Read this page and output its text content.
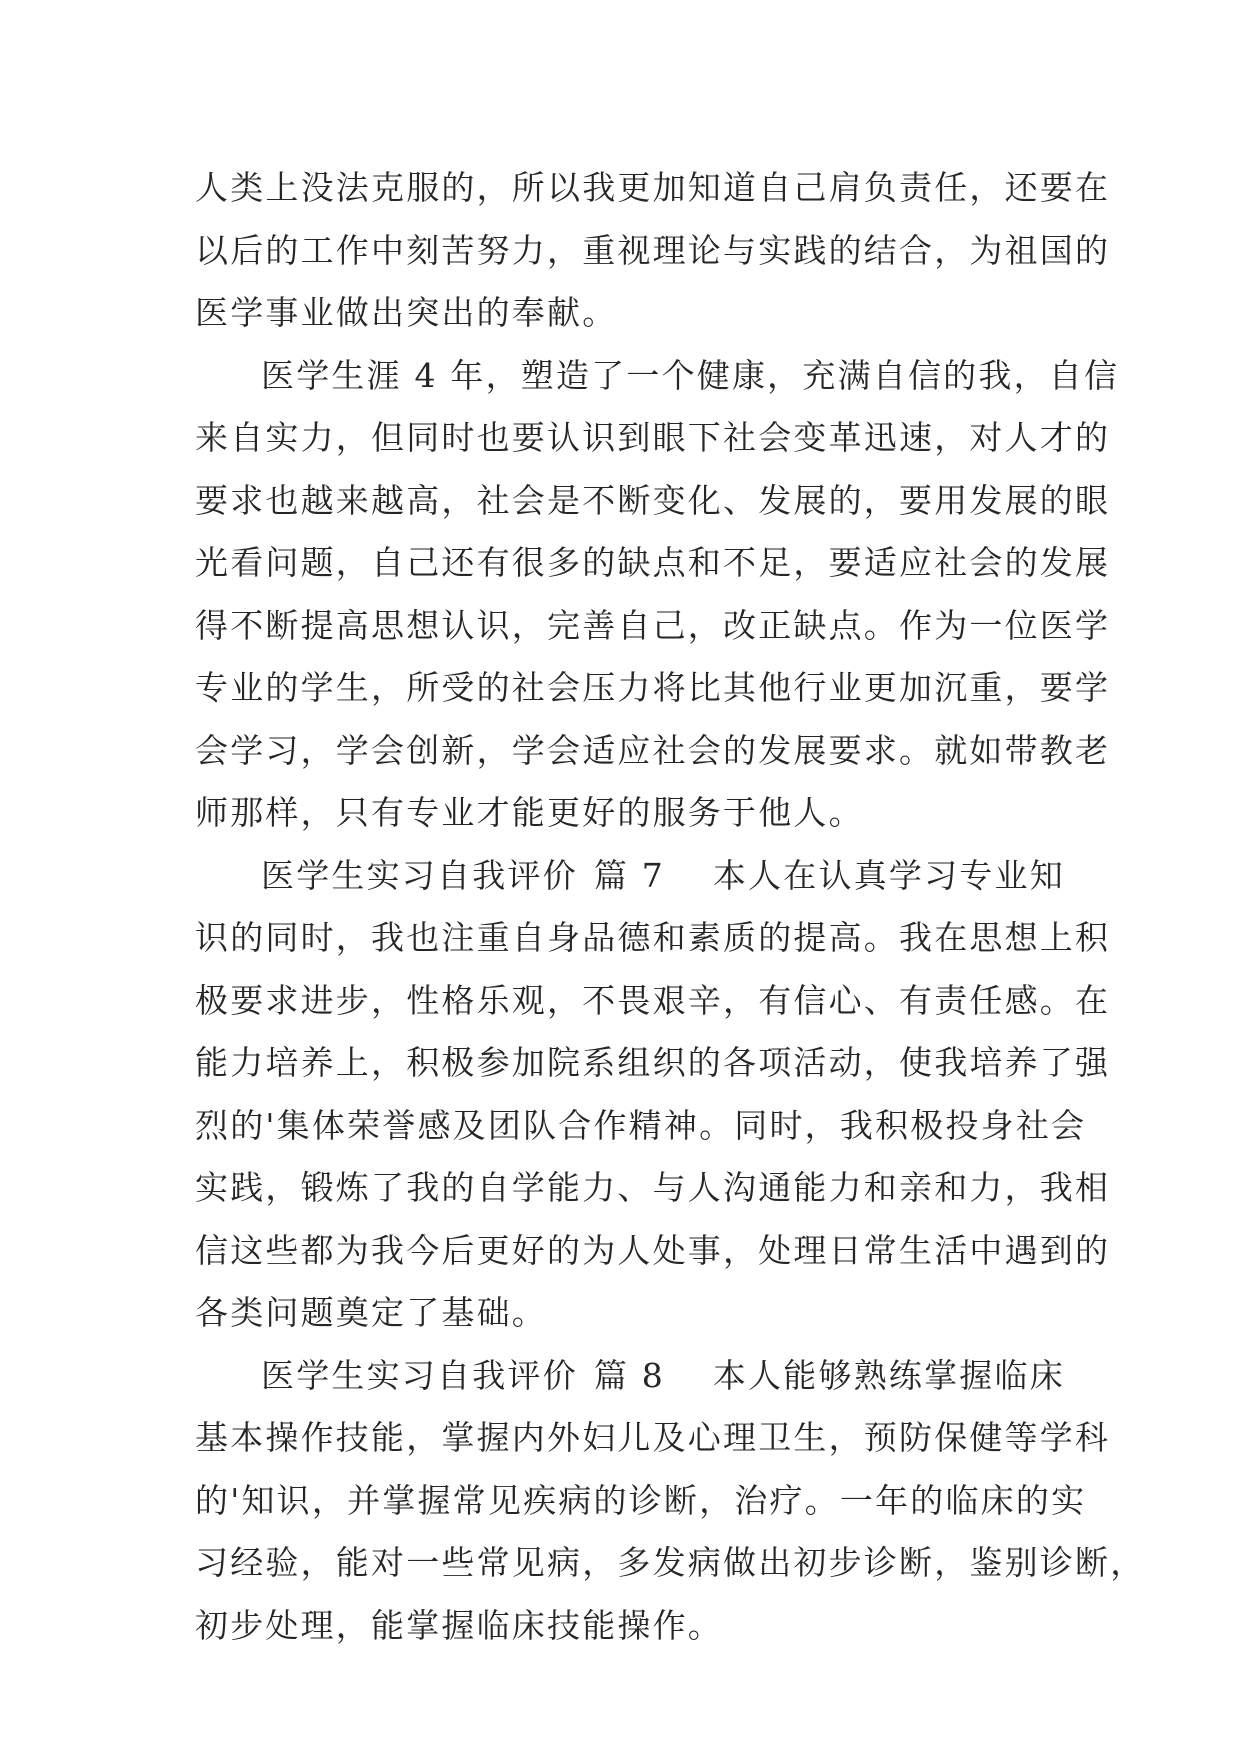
人类上没法克服的，所以我更加知道自己肩负责任，还要在
以后的工作中刻苦努力，重视理论与实践的结合，为祖国的
医学事业做出突出的奉献。
医学生涯 4 年，塑造了一个健康，充满自信的我，自信
来自实力，但同时也要认识到眼下社会变革迅速，对人才的
要求也越来越高，社会是不断变化、发展的，要用发展的眼
光看问题，自己还有很多的缺点和不足，要适应社会的发展
得不断提高思想认识，完善自己，改正缺点。作为一位医学
专业的学生，所受的社会压力将比其他行业更加沉重，要学
会学习，学会创新，学会适应社会的发展要求。就如带教老
师那样，只有专业才能更好的服务于他人。
医学生实习自我评价 篇 7 本人在认真学习专业知
识的同时，我也注重自身品德和素质的提高。我在思想上积
极要求进步，性格乐观，不畏艰辛，有信心、有责任感。在
能力培养上，积极参加院系组织的各项活动，使我培养了强
烈的'集体荣誉感及团队合作精神。同时，我积极投身社会
实践，锻炼了我的自学能力、与人沟通能力和亲和力，我相
信这些都为我今后更好的为人处事，处理日常生活中遇到的
各类问题奠定了基础。
医学生实习自我评价 篇 8 本人能够熟练掌握临床
基本操作技能，掌握内外妇儿及心理卫生，预防保健等学科
的'知识，并掌握常见疾病的诊断，治疗。一年的临床的实
习经验，能对一些常见病，多发病做出初步诊断，鉴别诊断，
初步处理，能掌握临床技能操作。
